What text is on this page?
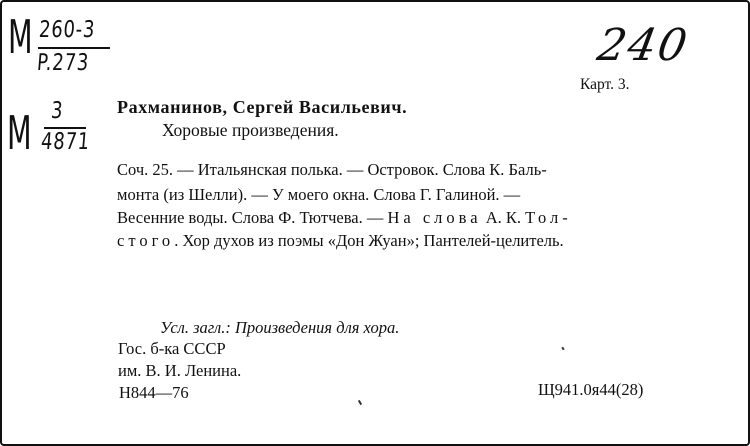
M 260-3
P.273
M 3
4871
240
Карт. 3.
Рахманинов, Сергей Васильевич.
Хоровые произведения.
Соч. 25. — Итальянская полька. — Островок. Слова К. Баль-
монта (из Шелли). — У моего окна. Слова Г. Галиной. —
Весенние воды. Слова Ф. Тютчева. — На слова А. К. Тол-
стого. Хор духов из поэмы «Дон Жуан»; Пантелей-целитель.
Усл. загл.: Произведения для хора.
Гос. б-ка СССР
им. В. И. Ленина.
Н844—76	Щ941.0я44(28)
